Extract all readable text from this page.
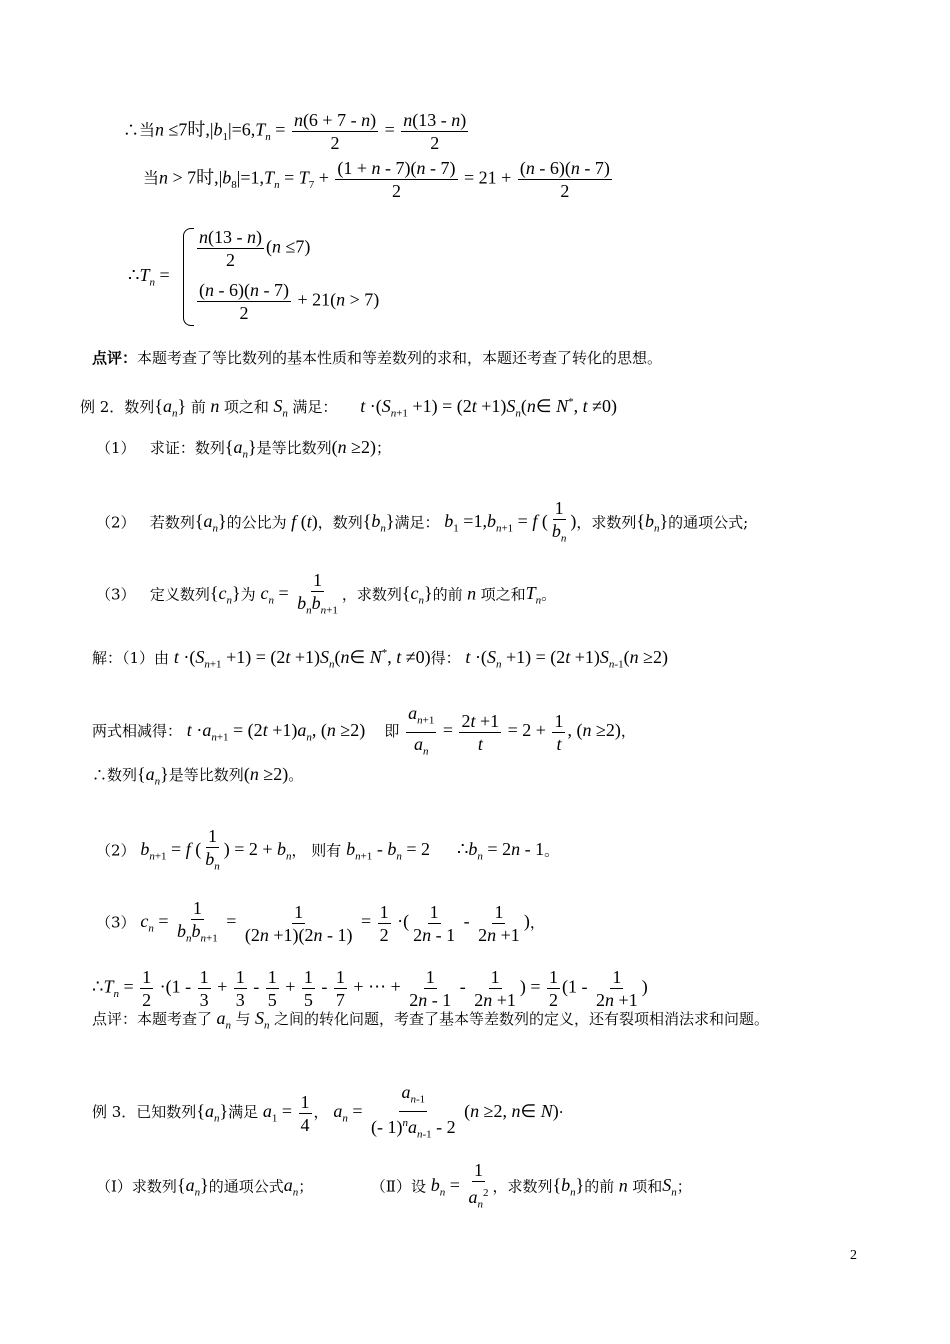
∴当n ≤7时$,|b_1|=6,T_n = \frac{n(6 + 7 - n)}{2} = \frac{n(13 - n)}{2}$
当n > 7时$,|b_8|=1,T_n = T_7 + \frac{(1 + n - 7)(n - 7)}{2} = 21 + \frac{(n - 6)(n - 7)}{2}$
$\therefore T_n$ =
$\frac{n(13 - n)}{2} (n \le 7)$
$\frac{(n - 6)(n - 7)}{2} + 21(n > 7)$
点评：本题考查了等比数列的基本性质和等差数列的求和，本题还考查了转化的思想。
例 2．数列$\{a_n\}$ 前 n 项之和 $S_n$ 满足： $t \cdot(S_{n+1} +1) = (2t$ $+1)S_n(n\in$ N*, t ≠0)
（1） 求证：数列$\{a_n\}$是等比数列(n ≥2)；
（2） 若数列$\{a_n\}$的公比为 f (t)，数列$\{b_n\}$满足： $b_1 =1,b_{n+1} = f$ ( $\frac{1}{b_n}$ )，求数列$\{b_n\}$的通项公式;
（3） 定义数列$\{c_n\}$为 $c_n = \frac{1}{b_nb_{n+1}}$ ，求数列$\{c_n\}$的前 n 项之和$T_n$。
解：（1）由 $t \cdot(S_{n+1} +1) = (2t$ $+1)S_n(n\in$ N*, t ≠0)得： $t \cdot(S_n +1) = (2t +1)S_{n-1}(n \ge 2)$
两式相减得： $t \cdot a_{n+1} = (2t +1)a_n$, (n ≥2) 即 $\frac{a_{n+1}}{a_n} = \frac{2t +1}{t} = 2 + \frac{1}{t}$ , (n ≥2)，
∴数列$\{a_n\}$是等比数列(n ≥2)。
（2） $b_{n+1} = f$ ( $\frac{1}{b_n}$ ) = $2 + b_n$， 则有 $b_{n+1} - b_n = 2$      $\therefore b_n = 2n - 1$。
（3） $c_n = \frac{1}{b_nb_{n+1}} = \frac{1}{(2n +1)(2n - 1)} = \frac{1}{2}$ ·( $\frac{1}{2n - 1} - \frac{1}{2n +1}$ )，
$\therefore T_n = \frac{1}{2} \cdot(1 - \frac{1}{3} + \frac{1}{3} - \frac{1}{5} + \frac{1}{5} - \frac{1}{7}$ + ⋯ + $\frac{1}{2n - 1} - \frac{1}{2n +1}$ ) = $\frac{1}{2} (1 - \frac{1}{2n +1}$ )
点评：本题考查了 $a_n$ 与 $S_n$ 之间的转化问题，考查了基本等差数列的定义，还有裂项相消法求和问题。
例 3．已知数列$\{a_n\}$满足 $a_1 = \frac{1}{4}$ ， $a_n = \frac{a_{n-1}}{(- 1)^na_{n-1} - 2} (n \ge 2$, n∈ N)·
（Ⅰ）求数列$\{a_n\}$的通项公式$a_n$；	（Ⅱ）设 $b_n = \frac{1}{a_n^2}$ ，求数列$\{b_n\}$的前 n 项和$S_n$；
2
